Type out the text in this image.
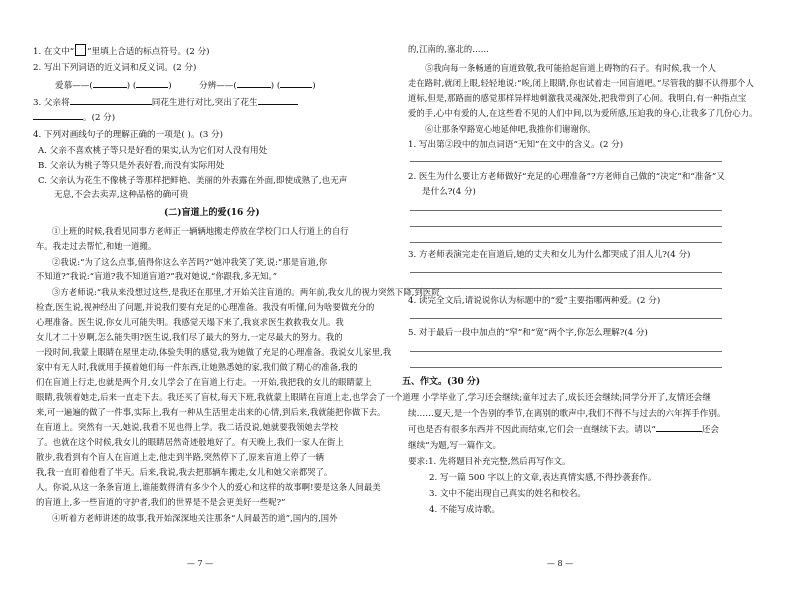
1. 在文中“ ”里填上合适的标点符号。(2 分)
2. 写出下列词语的近义词和反义词。(2 分)
爱慕——(	) (	)	分辨——(	) (	)
3. 父亲将	同花生进行对比,突出了花生
。(2 分)
4. 下列对画线句子的理解正确的一项是( )。(3 分)
A. 父亲不喜欢桃子等只是好看的果实,认为它们对人没有用处
B. 父亲认为桃子等只是外表好看,而没有实际用处
C. 父亲认为花生不像桃子等那样把鲜艳、美丽的外表露在外面,即使成熟了,也无声
无息,不会去卖弄,这种品格的确可贵
(二)盲道上的爱(16 分)
①上班的时候,我看见同事方老师正一辆辆地搬走停放在学校门口人行道上的自行
车。我走过去帮忙,和她一道搬。
②我说:“为了这么点事,值得你这么辛苦吗?”她冲我笑了笑,说:“那是盲道,你
不知道?”我说:“盲道?我不知道盲道?”我对她说,“你跟我,多无知。”
③方老师说:“我从来没想过这些,是我还在那里,才开始关注盲道的。两年前,我女儿的视力突然下降,到医院
检查,医生说,视神经出了问题,并说我们要有充足的心理准备。我没有听懂,问为啥要做充分的
心理准备。医生说,你女儿可能失明。我感觉天塌下来了,我哀求医生救救我女儿。我
女儿才二十岁啊,怎么能失明?医生说,我们尽了最大的努力,一定尽最大的努力。我的
一段时间,我蒙上眼睛在屋里走动,体验失明的感觉,我为她做了充足的心理准备。我说女儿家里,我
家中有无人时,我就用手摸着她们每一件东西,让她熟悉她的家,我们做了精心的准备,我的
们在盲道上行走,也就是两个月,女儿学会了在盲道上行走。一开始,我把我的女儿的眼睛蒙上
眼睛,我领着她走,后来一直走下去。我还买了盲杖,每天下班,我就蒙上眼睛在盲道上走,也学会了一个道理
来,可一遍遍的做了一件事,实际上,我有一种从生活里走出来的心情,到后来,我就能把你做下去。
在盲道上。突然有一天,她说,我看不见也得上学。我二话没说,她就要我领她去学校
了。也就在这个时候,我女儿的眼睛居然奇迹般地好了。有天晚上,我们一家人在街上
散步,我看到有个盲人在盲道上走,他走到半路,突然停下了,原来盲道上停了一辆
我,我一直盯着他看了半天。后来,我说,我去把那辆车搬走,女儿和她父亲都哭了。
人。你说,从这一条条盲道上,谁能数得清有多少个人的爱心和这样的故事啊!要是这条人间最美
的盲道上,多一些盲道的守护者,我们的世界是不是会更美好一些呢?”
④听着方老师讲述的故事,我开始深深地关注那条“人间最苦的道”,国内的,国外
— 7 —
的,江南的,塞北的……
⑤我向每一条畅通的盲道致敬,我可能拾起盲道上碍物的石子。有时候,我一个人
走在路时,就闭上眼,轻轻地说:“唉,闭上眼睛,你也试着走一回盲道吧。”尽管我的脚不认得那个人
道标,但是,那路面的感觉那样异样地刺激我灵魂深处,把我带到了心间。我明白,有一种指点宝
爱的手,心中有爱的人,在这些看不见的人们中间,以为爱所感,压迫我的身心,让我多了几份心力。
⑥让那条窄路宽心地延伸吧,我推你们谢谢你。
1. 写出第②段中的加点词语“无知”在文中的含义。(2 分)
2. 医生为什么要让方老师做好“充足的心理准备”?方老师自己做的“决定”和“准备”又
是什么?(4 分)
3. 方老师表演完走在盲道后,她的丈夫和女儿为什么都哭成了泪人儿?(4 分)
4. 读完全文后,请说说你认为标题中的“爱”主要指哪两种爱。(2 分)
5. 对于最后一段中加点的“窄”和“宽”两个字,你怎么理解?(4 分)
五、作文。(30 分)
小学毕业了,学习还会继续;童年过去了,成长还会继续;同学分开了,友情还会继
续……夏天,是一个告别的季节,在离别的歌声中,我们不得不与过去的六年挥手作别。
可也是否有很多东西并不因此而结束,它们会一直继续下去。请以“	还会
继续”为题,写一篇作文。
要求:1. 先将题目补充完整,然后再写作文。
2. 写一篇 500 字以上的文章,表达真情实感,不得抄袭套作。
3. 文中不能出现自己真实的姓名和校名。
4. 不能写成诗歌。
— 8 —
